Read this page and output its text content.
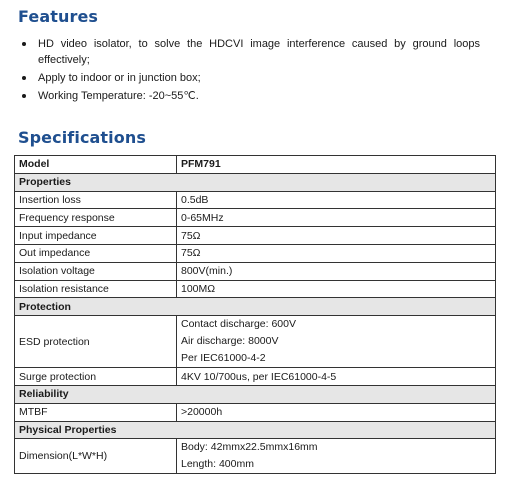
Features
HD video isolator, to solve the HDCVI image interference caused by ground loops effectively;
Apply to indoor or in junction box;
Working Temperature: -20~55℃.
Specifications
Model	PFM791
Properties	
Insertion loss	0.5dB
Frequency response	0-65MHz
Input impedance	75Ω
Out impedance	75Ω
Isolation voltage	800V(min.)
Isolation resistance	100MΩ
Protection	
ESD protection	Contact discharge: 600V
Air discharge: 8000V
Per IEC61000-4-2

Surge protection	4KV 10/700us, per IEC61000-4-5
Reliability	
MTBF	>20000h
Physical Properties	
Dimension(L*W*H)	Body: 42mmx22.5mmx16mm
Length: 400mm
